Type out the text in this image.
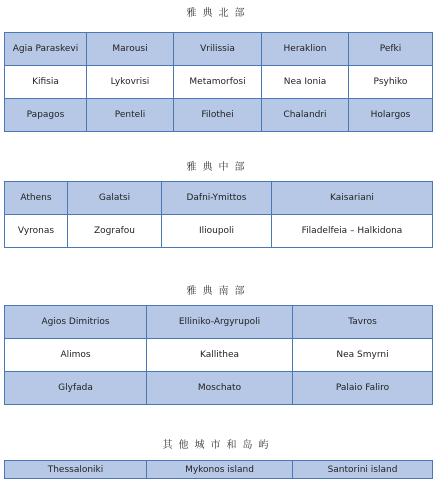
雅典北部
Agia Paraskevi	Marousi	Vrilissia	Heraklion	Pefki
Kifisia	Lykovrisi	Metamorfosi	Nea Ionia	Psyhiko
Papagos	Penteli	Filothei	Chalandri	Holargos
雅典中部
Athens	Galatsi	Dafni-Ymittos	Kaisariani
Vyronas	Zografou	Ilioupoli	Filadelfeia – Halkidona
雅典南部
Agios Dimitrios	Elliniko-Argyrupoli	Tavros
Alimos	Kallithea	Nea Smyrni
Glyfada	Moschato	Palaio Faliro
其他城市和岛屿
Thessaloniki	Mykonos island	Santorini island
